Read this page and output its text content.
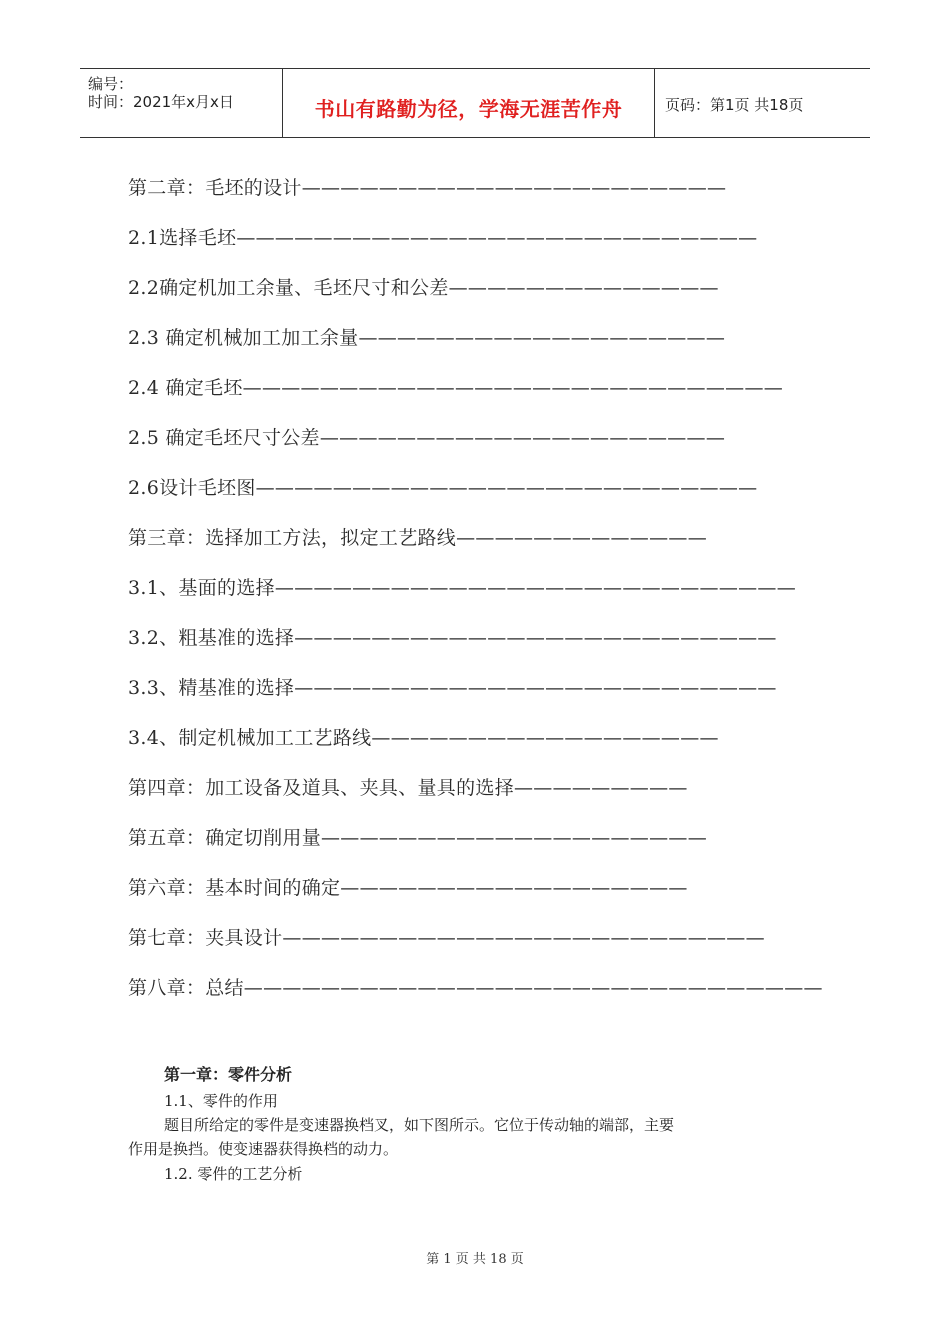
编号：
时间：2021年x月x日	书山有路勤为径，学海无涯苦作舟	页码：第1页 共18页
第二章：毛坯的设计——————————————————————
2.1选择毛坯———————————————————————————
2.2确定机加工余量、毛坯尺寸和公差——————————————
2.3 确定机械加工加工余量———————————————————
2.4 确定毛坯————————————————————————————
2.5 确定毛坯尺寸公差—————————————————————
2.6设计毛坯图——————————————————————————
第三章：选择加工方法，拟定工艺路线—————————————
3.1、基面的选择———————————————————————————
3.2、粗基准的选择—————————————————————————
3.3、精基准的选择—————————————————————————
3.4、制定机械加工工艺路线——————————————————
第四章：加工设备及道具、夹具、量具的选择—————————
第五章：确定切削用量————————————————————
第六章：基本时间的确定——————————————————
第七章：夹具设计—————————————————————————
第八章：总结——————————————————————————————
第一章：零件分析
1.1、零件的作用
题目所给定的零件是变速器换档叉，如下图所示。它位于传动轴的端部，主要
作用是换挡。使变速器获得换档的动力。
1.2. 零件的工艺分析
第 1 页 共 18 页
